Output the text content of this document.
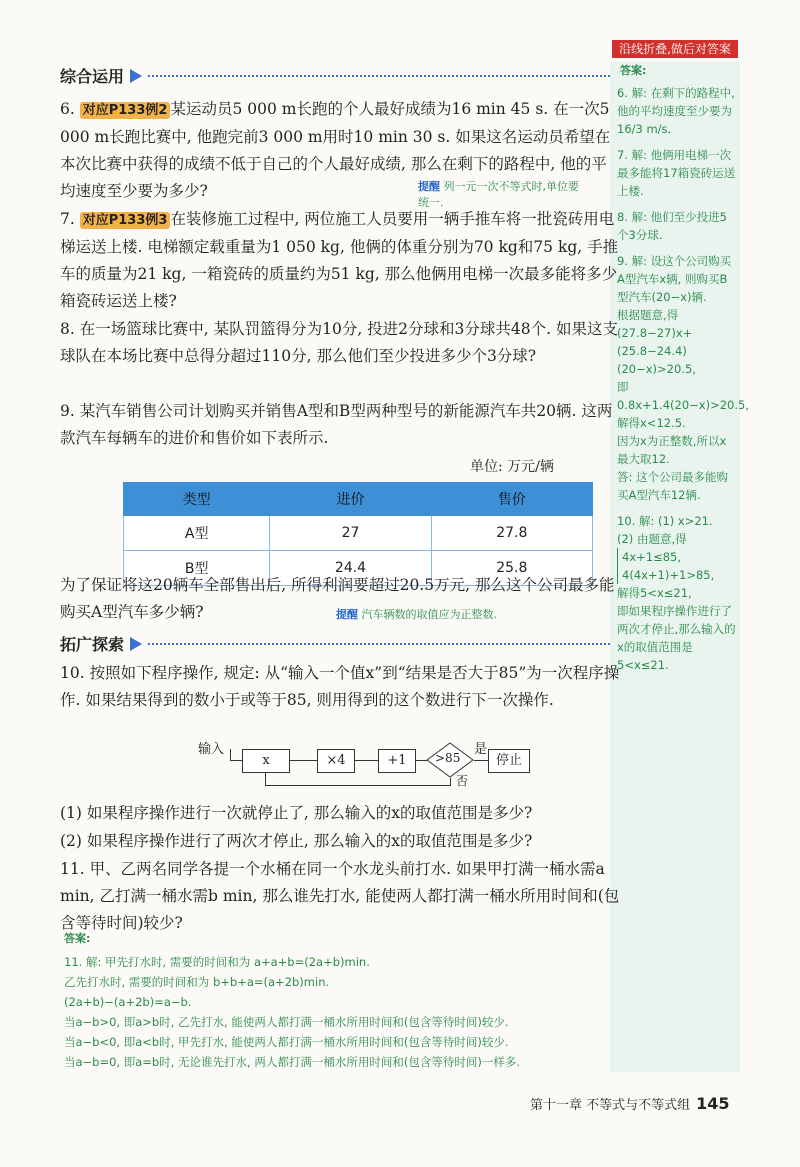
沿线折叠,做后对答案
综合运用
6. 对应P133例2 某运动员5 000 m长跑的个人最好成绩为16 min 45 s. 在一次5 000 m长跑比赛中, 他跑完前3 000 m用时10 min 30 s. 如果这名运动员希望在本次比赛中获得的成绩不低于自己的个人最好成绩, 那么在剩下的路程中, 他的平均速度至少要为多少?	提醒 列一元一次不等式时,单位要统一.
7. 对应P133例3 在装修施工过程中, 两位施工人员要用一辆手推车将一批瓷砖用电梯运送上楼. 电梯额定载重量为1 050 kg, 他俩的体重分别为70 kg和75 kg, 手推车的质量为21 kg, 一箱瓷砖的质量约为51 kg, 那么他俩用电梯一次最多能将多少箱瓷砖运送上楼?
8. 在一场篮球比赛中, 某队罚篮得分为10分, 投进2分球和3分球共48个. 如果这支球队在本场比赛中总得分超过110分, 那么他们至少投进多少个3分球?
9. 某汽车销售公司计划购买并销售A型和B型两种型号的新能源汽车共20辆. 这两款汽车每辆车的进价和售价如下表所示.
单位: 万元/辆
类型	进价	售价
A型	27	27.8
B型	24.4	25.8
为了保证将这20辆车全部售出后, 所得利润要超过20.5万元, 那么这个公司最多能购买A型汽车多少辆?	提醒 汽车辆数的取值应为正整数.
拓广探索
10. 按照如下程序操作, 规定: 从“输入一个值x”到“结果是否大于85”为一次程序操作. 如果结果得到的数小于或等于85, 则用得到的这个数进行下一次操作.
输入
x	×4	+1	>85
是
停止
否
(1) 如果程序操作进行一次就停止了, 那么输入的x的取值范围是多少?
(2) 如果程序操作进行了两次才停止, 那么输入的x的取值范围是多少?
11. 甲、乙两名同学各提一个水桶在同一个水龙头前打水. 如果甲打满一桶水需a min, 乙打满一桶水需b min, 那么谁先打水, 能使两人都打满一桶水所用时间和(包含等待时间)较少?
答案:
11. 解: 甲先打水时, 需要的时间和为 a+a+b=(2a+b)min.
乙先打水时, 需要的时间和为 b+b+a=(a+2b)min.
(2a+b)−(a+2b)=a−b.
当a−b>0, 即a>b时, 乙先打水, 能使两人都打满一桶水所用时间和(包含等待时间)较少.
当a−b<0, 即a<b时, 甲先打水, 能使两人都打满一桶水所用时间和(包含等待时间)较少.
当a−b=0, 即a=b时, 无论谁先打水, 两人都打满一桶水所用时间和(包含等待时间)一样多.
答案:
6. 解: 在剩下的路程中,他的平均速度至少要为 16/3 m/s.
7. 解: 他俩用电梯一次最多能将17箱瓷砖运送上楼.
8. 解: 他们至少投进5个3分球.
9. 解: 设这个公司购买A型汽车x辆, 则购买B型汽车(20−x)辆.
根据题意,得
(27.8−27)x+(25.8−24.4)(20−x)>20.5,
即0.8x+1.4(20−x)>20.5,解得x<12.5.
因为x为正整数,所以x最大取12.
答: 这个公司最多能购买A型汽车12辆.
10. 解: (1) x>21.
(2) 由题意,得
4x+1≤85,
4(4x+1)+1>85,
解得5<x≤21,
即如果程序操作进行了两次才停止,那么输入的x的取值范围是5<x≤21.
第十一章 不等式与不等式组 145
